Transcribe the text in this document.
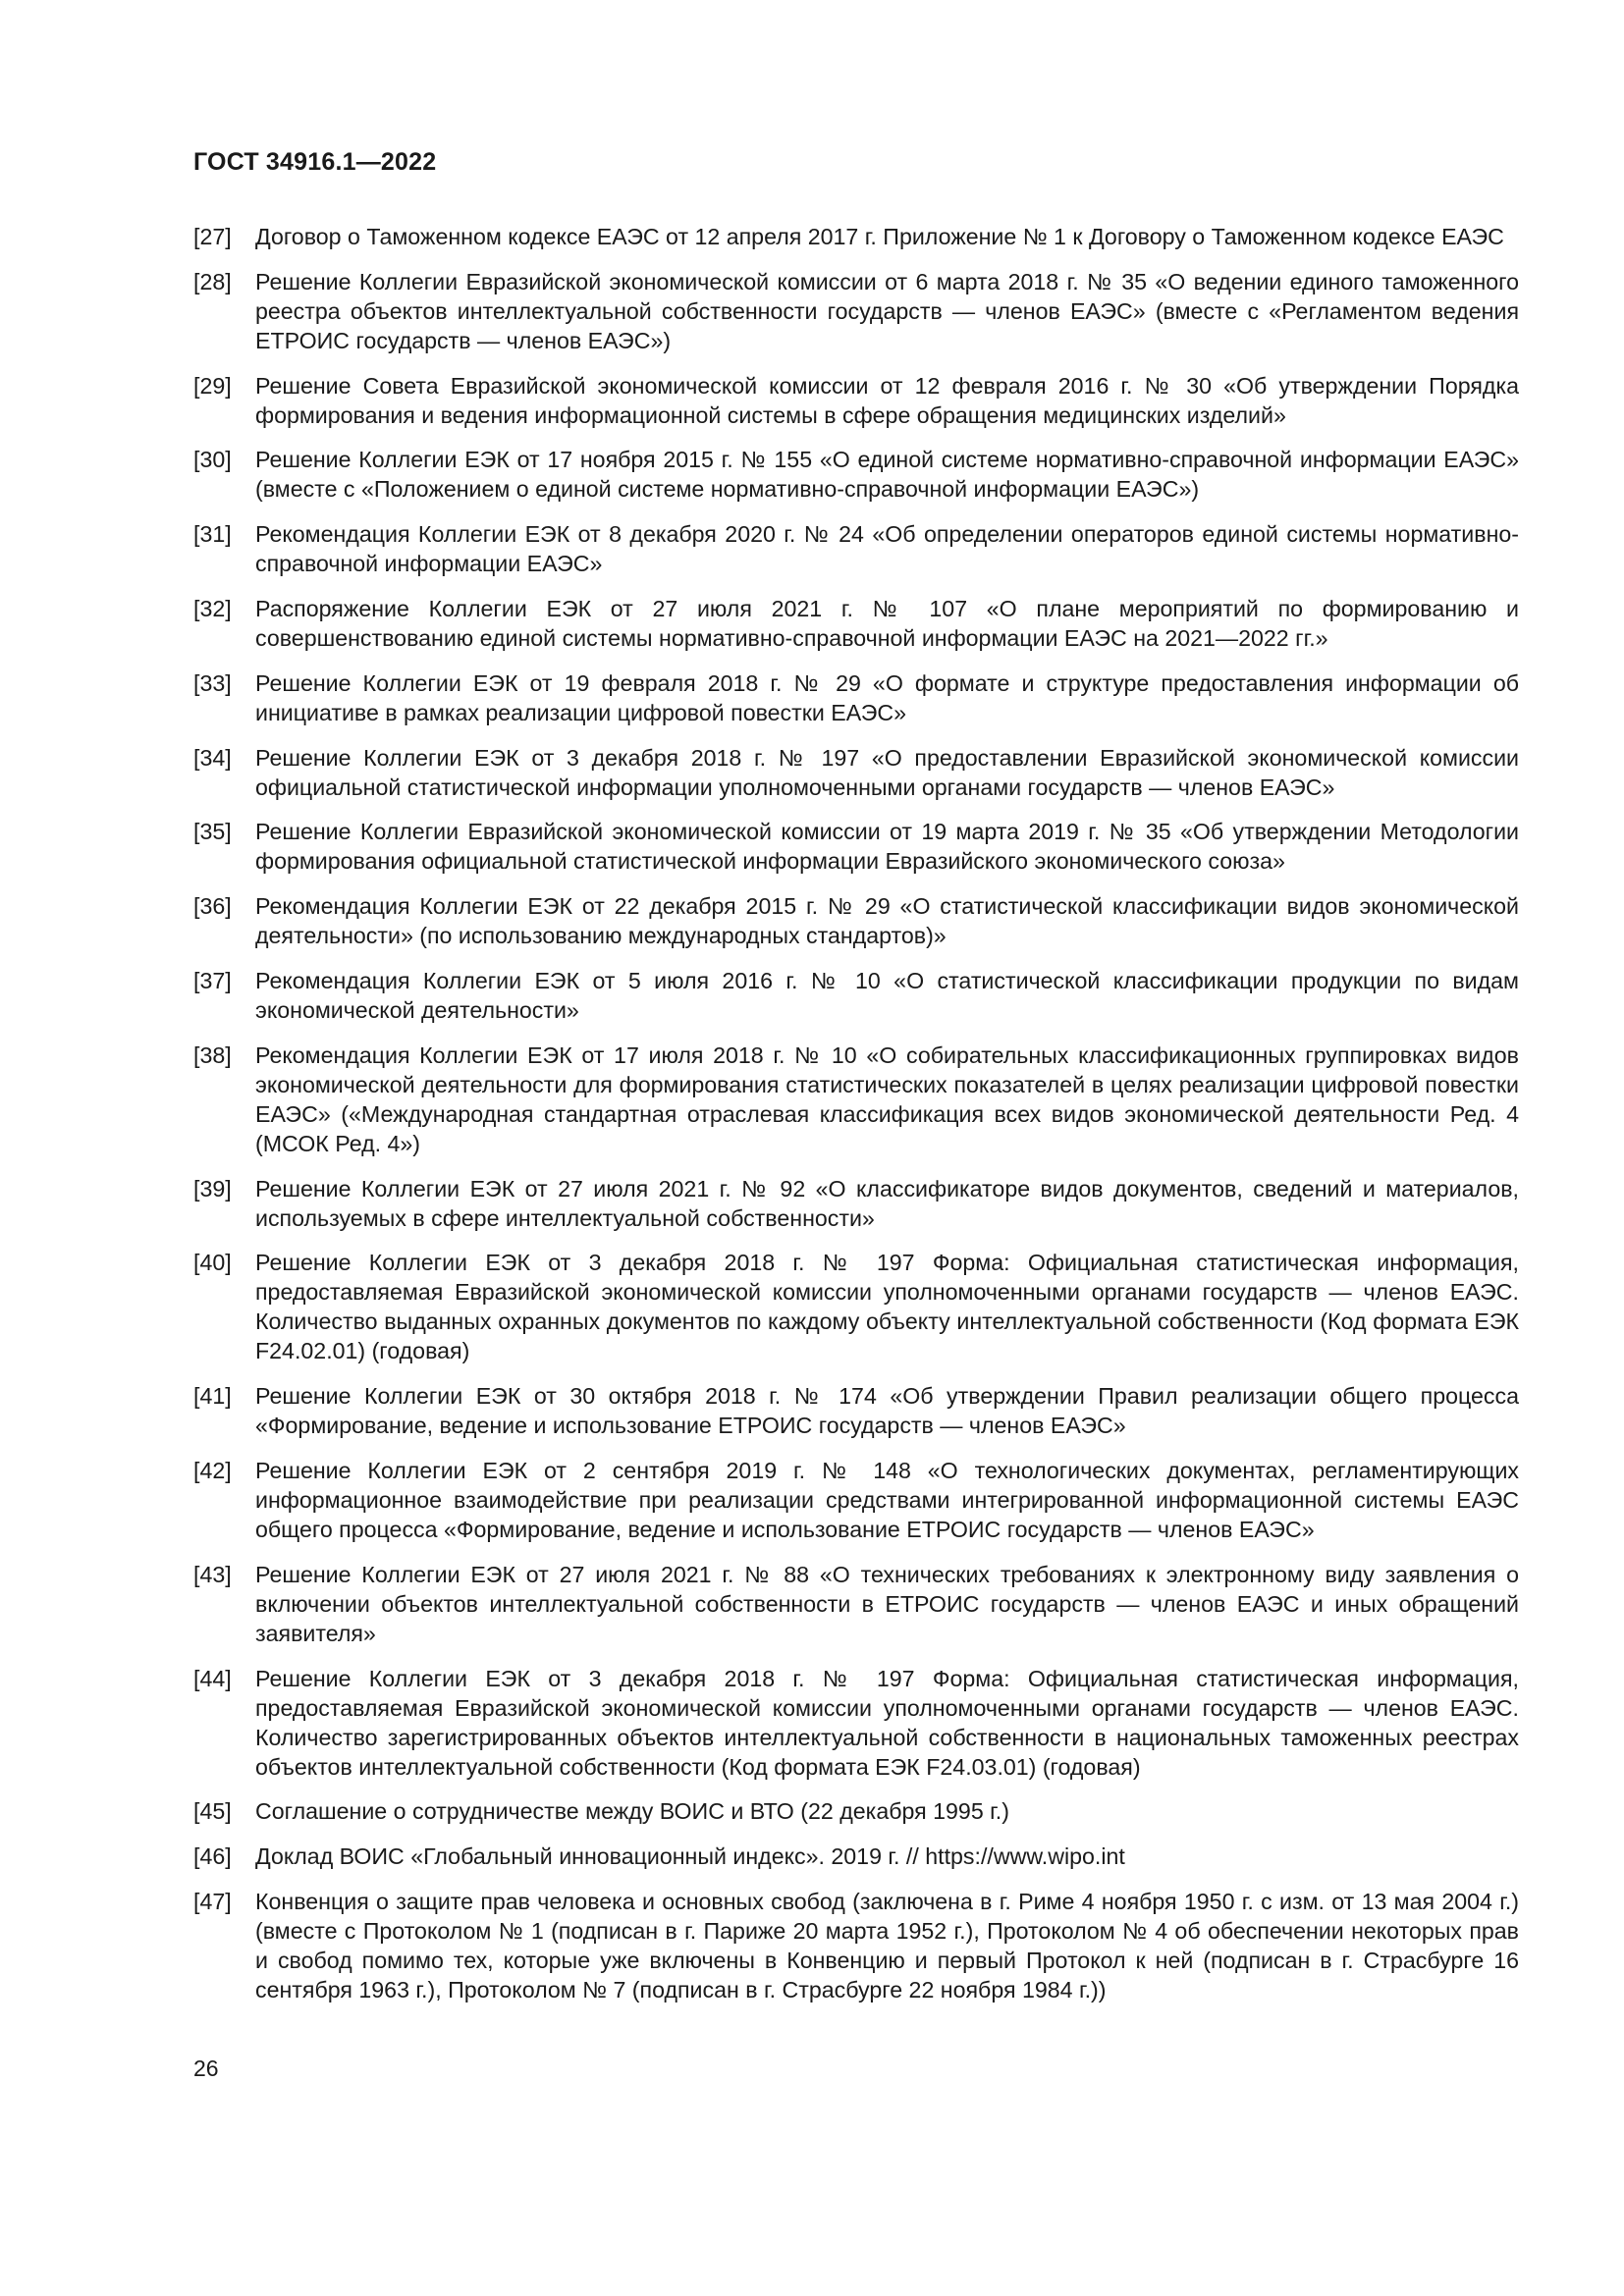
ГОСТ 34916.1—2022
[27]	Договор о Таможенном кодексе ЕАЭС от 12 апреля 2017 г. Приложение № 1 к Договору о Таможенном кодексе ЕАЭС
[28]	Решение Коллегии Евразийской экономической комиссии от 6 марта 2018 г. № 35 «О ведении единого таможенного реестра объектов интеллектуальной собственности государств — членов ЕАЭС» (вместе с «Регламентом ведения ЕТРОИС государств — членов ЕАЭС»)
[29]	Решение Совета Евразийской экономической комиссии от 12 февраля 2016 г. № 30 «Об утверждении Порядка формирования и ведения информационной системы в сфере обращения медицинских изделий»
[30]	Решение Коллегии ЕЭК от 17 ноября 2015 г. № 155 «О единой системе нормативно-справочной информации ЕАЭС» (вместе с «Положением о единой системе нормативно-справочной информации ЕАЭС»)
[31]	Рекомендация Коллегии ЕЭК от 8 декабря 2020 г. № 24 «Об определении операторов единой системы нормативно-справочной информации ЕАЭС»
[32]	Распоряжение Коллегии ЕЭК от 27 июля 2021 г. № 107 «О плане мероприятий по формированию и совершенствованию единой системы нормативно-справочной информации ЕАЭС на 2021—2022 гг.»
[33]	Решение Коллегии ЕЭК от 19 февраля 2018 г. № 29 «О формате и структуре предоставления информации об инициативе в рамках реализации цифровой повестки ЕАЭС»
[34]	Решение Коллегии ЕЭК от 3 декабря 2018 г. № 197 «О предоставлении Евразийской экономической комиссии официальной статистической информации уполномоченными органами государств — членов ЕАЭС»
[35]	Решение Коллегии Евразийской экономической комиссии от 19 марта 2019 г. № 35 «Об утверждении Методологии формирования официальной статистической информации Евразийского экономического союза»
[36]	Рекомендация Коллегии ЕЭК от 22 декабря 2015 г. № 29 «О статистической классификации видов экономической деятельности» (по использованию международных стандартов)»
[37]	Рекомендация Коллегии ЕЭК от 5 июля 2016 г. № 10 «О статистической классификации продукции по видам экономической деятельности»
[38]	Рекомендация Коллегии ЕЭК от 17 июля 2018 г. № 10 «О собирательных классификационных группировках видов экономической деятельности для формирования статистических показателей в целях реализации цифровой повестки ЕАЭС» («Международная стандартная отраслевая классификация всех видов экономической деятельности Ред. 4 (МСОК Ред. 4»)
[39]	Решение Коллегии ЕЭК от 27 июля 2021 г. № 92 «О классификаторе видов документов, сведений и материалов, используемых в сфере интеллектуальной собственности»
[40]	Решение Коллегии ЕЭК от 3 декабря 2018 г. № 197 Форма: Официальная статистическая информация, предоставляемая Евразийской экономической комиссии уполномоченными органами государств — членов ЕАЭС. Количество выданных охранных документов по каждому объекту интеллектуальной собственности (Код формата ЕЭК F24.02.01) (годовая)
[41]	Решение Коллегии ЕЭК от 30 октября 2018 г. № 174 «Об утверждении Правил реализации общего процесса «Формирование, ведение и использование ЕТРОИС государств — членов ЕАЭС»
[42]	Решение Коллегии ЕЭК от 2 сентября 2019 г. № 148 «О технологических документах, регламентирующих информационное взаимодействие при реализации средствами интегрированной информационной системы ЕАЭС общего процесса «Формирование, ведение и использование ЕТРОИС государств — членов ЕАЭС»
[43]	Решение Коллегии ЕЭК от 27 июля 2021 г. № 88 «О технических требованиях к электронному виду заявления о включении объектов интеллектуальной собственности в ЕТРОИС государств — членов ЕАЭС и иных обращений заявителя»
[44]	Решение Коллегии ЕЭК от 3 декабря 2018 г. № 197 Форма: Официальная статистическая информация, предоставляемая Евразийской экономической комиссии уполномоченными органами государств — членов ЕАЭС. Количество зарегистрированных объектов интеллектуальной собственности в национальных таможенных реестрах объектов интеллектуальной собственности (Код формата ЕЭК F24.03.01) (годовая)
[45]	Соглашение о сотрудничестве между ВОИС и ВТО (22 декабря 1995 г.)
[46]	Доклад ВОИС «Глобальный инновационный индекс». 2019 г. // https://www.wipo.int
[47]	Конвенция о защите прав человека и основных свобод (заключена в г. Риме 4 ноября 1950 г. с изм. от 13 мая 2004 г.) (вместе с Протоколом № 1 (подписан в г. Париже 20 марта 1952 г.), Протоколом № 4 об обеспечении некоторых прав и свобод помимо тех, которые уже включены в Конвенцию и первый Протокол к ней (подписан в г. Страсбурге 16 сентября 1963 г.), Протоколом № 7 (подписан в г. Страсбурге 22 ноября 1984 г.))
26
